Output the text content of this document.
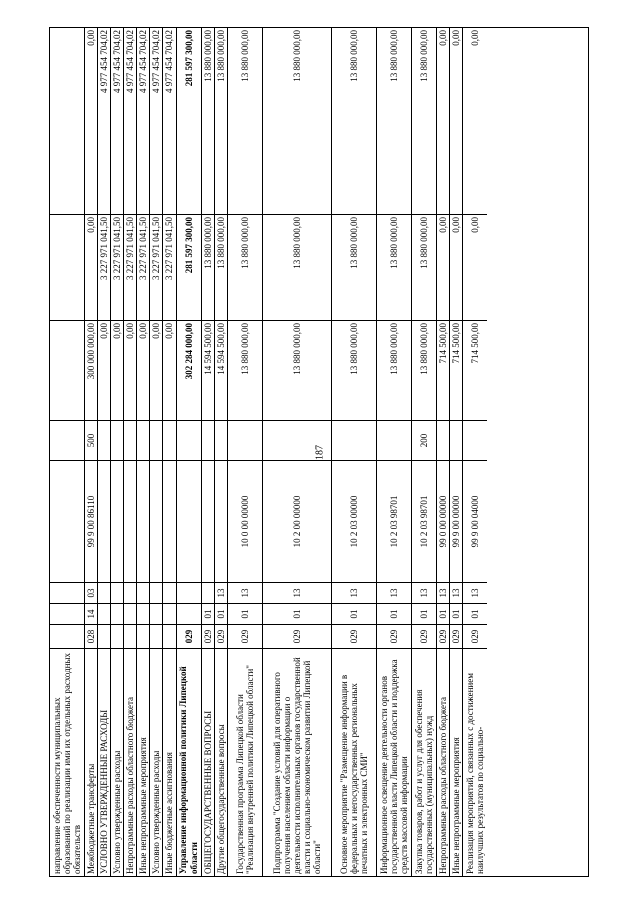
187
направление обеспеченности муниципальных образований по реализации ими их отдельных расходных обязательств Межбюджетные трансферты
028
14
03
99 9 00 86110
500
300 000 000,00
0,00
0,00
УСЛОВНО УТВЕРЖДЕННЫЕ РАСХОДЫ
0,00
3 227 971 041,50
4 977 454 704,02
Условно утвержденные расходы
0,00
3 227 971 041,50
4 977 454 704,02
Непрограммные расходы областного бюджета
0,00
3 227 971 041,50
4 977 454 704,02
Иные непрограммные мероприятия
0,00
3 227 971 041,50
4 977 454 704,02
Условно утвержденные расходы
0,00
3 227 971 041,50
4 977 454 704,02
Иные бюджетные ассигнования
0,00
3 227 971 041,50
4 977 454 704,02
Управление информационной политики Липецкой области
029
302 284 000,00
281 597 300,00
281 597 300,00
ОБЩЕГОСУДАРСТВЕННЫЕ ВОПРОСЫ
029
01
14 594 500,00
13 880 000,00
13 880 000,00
Другие общегосударственные вопросы
029
01
13
14 594 500,00
13 880 000,00
13 880 000,00
Государственная программа Липецкой области "Реализация внутренней политики Липецкой области"
029
01
13
10 0 00 00000
13 880 000,00
13 880 000,00
13 880 000,00
Подпрограмма "Создание условий для оперативного получения населением области информации о деятельности исполнительных органов государственной власти и социально-экономическом развитии Липецкой области"
029
01
13
10 2 00 00000
13 880 000,00
13 880 000,00
13 880 000,00
Основное мероприятие "Размещение информации в федеральных и негосударственных региональных печатных и электронных СМИ"
029
01
13
10 2 03 00000
13 880 000,00
13 880 000,00
13 880 000,00
Информационное освещение деятельности органов государственной власти Липецкой области и поддержка средств массовой информации
029
01
13
10 2 03 98701
13 880 000,00
13 880 000,00
13 880 000,00
Закупка товаров, работ и услуг для обеспечения государственных (муниципальных) нужд
029
01
13
10 2 03 98701
200
13 880 000,00
13 880 000,00
13 880 000,00
Непрограммные расходы областного бюджета
029
01
13
99 0 00 00000
714 500,00
0,00
0,00
Иные непрограммные мероприятия
029
01
13
99 9 00 00000
714 500,00
0,00
0,00
Реализация мероприятий, связанных с достижением наилучших результатов по социально-
029
01
13
99 9 00 04000
714 500,00
0,00
0,00
